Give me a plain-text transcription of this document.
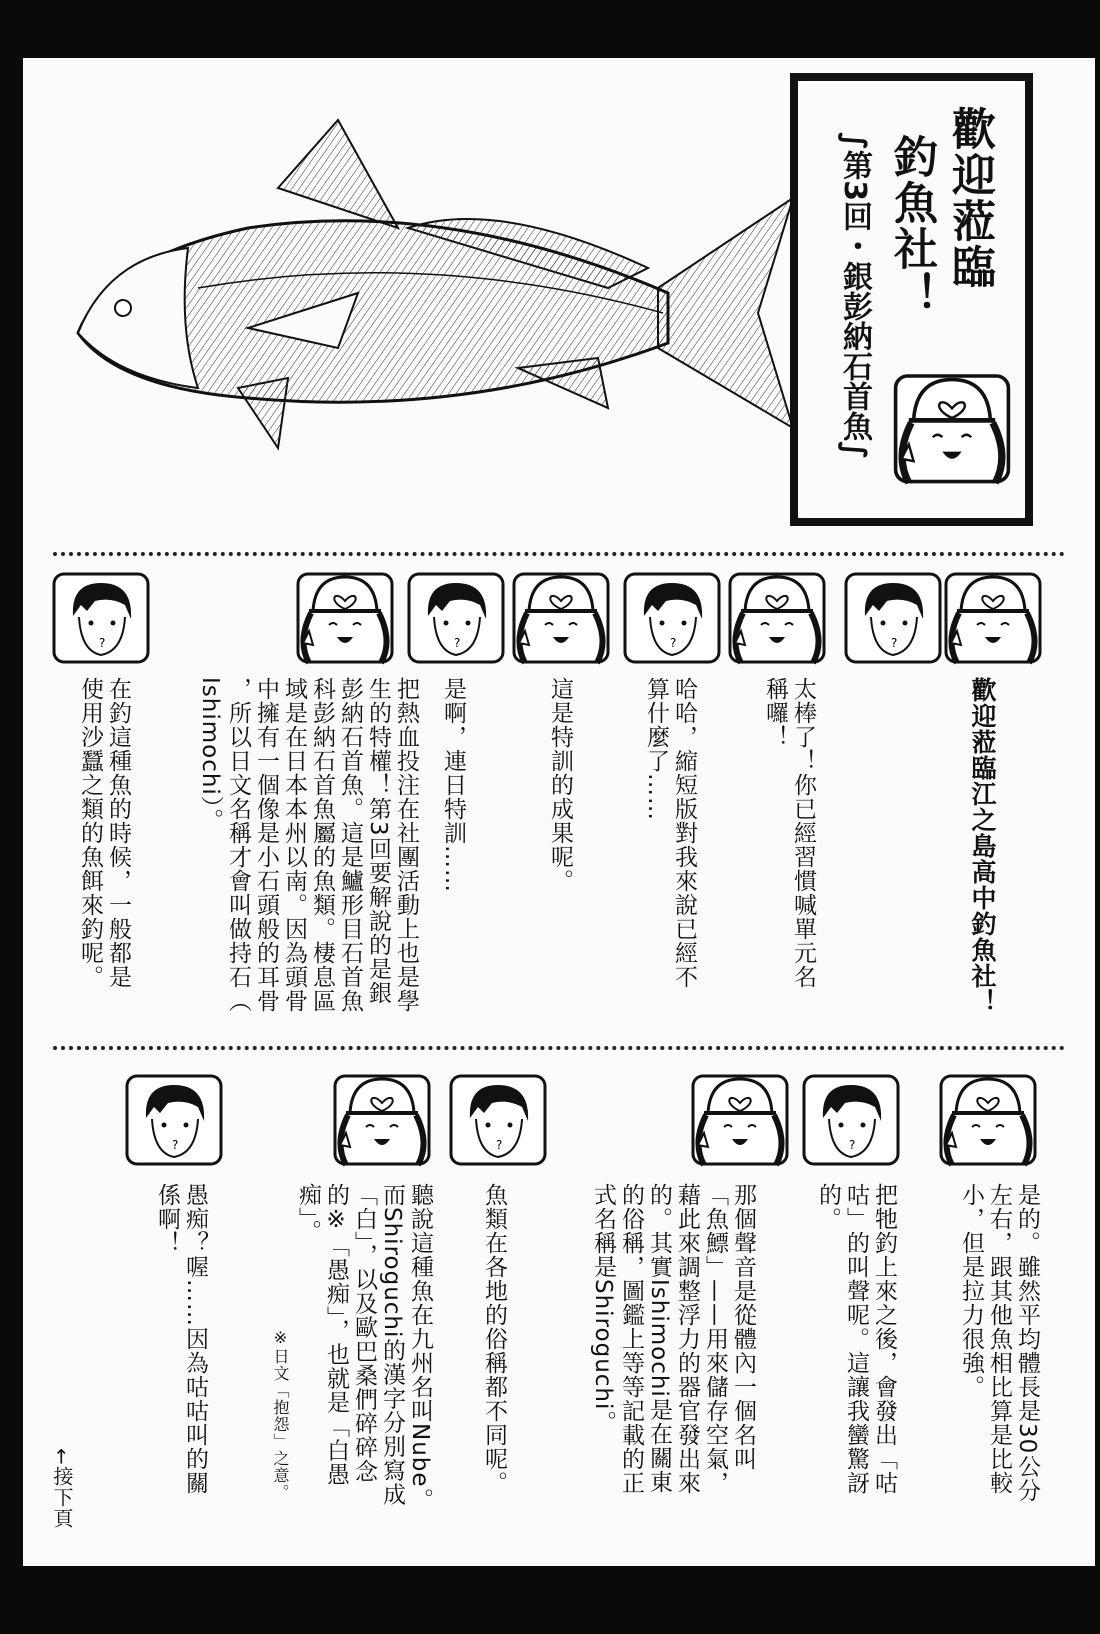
歡迎蒞臨
釣魚社！
∫第3回・銀彭納石首魚∫
歡迎蒞臨江之島高中釣魚社！
太棒了！你已經習慣喊單元名
稱囉！
哈哈，縮短版對我來說已經不
算什麼了……
這是特訓的成果呢。
是啊，連日特訓……
把熱血投注在社團活動上也是學
生的特權！第3回要解說的是銀
彭納石首魚。這是鱸形目石首魚
科彭納石首魚屬的魚類。棲息區
域是在日本本州以南。因為頭骨
中擁有一個像是小石頭般的耳骨
，所以日文名稱才會叫做持石（
Ishimochi）。
在釣這種魚的時候，一般都是
使用沙蠶之類的魚餌來釣呢。
是的。雖然平均體長是30公分
左右，跟其他魚相比算是比較
小，但是拉力很強。
把牠釣上來之後，會發出「咕
咕」的叫聲呢。這讓我蠻驚訝
的。
那個聲音是從體內一個名叫
「魚鰾」——用來儲存空氣，
藉此來調整浮力的器官發出來
的。其實Ishimochi是在關東
的俗稱，圖鑑上等等記載的正
式名稱是Shiroguchi。
魚類在各地的俗稱都不同呢。
聽說這種魚在九州名叫Nube。
而Shiroguchi的漢字分別寫成
「白」，以及歐巴桑們碎碎念
的※「愚痴」，也就是「白愚
痴」。
愚痴？喔……因為咕咕叫的關
係啊！
※日文「抱怨」之意。
←接下頁
